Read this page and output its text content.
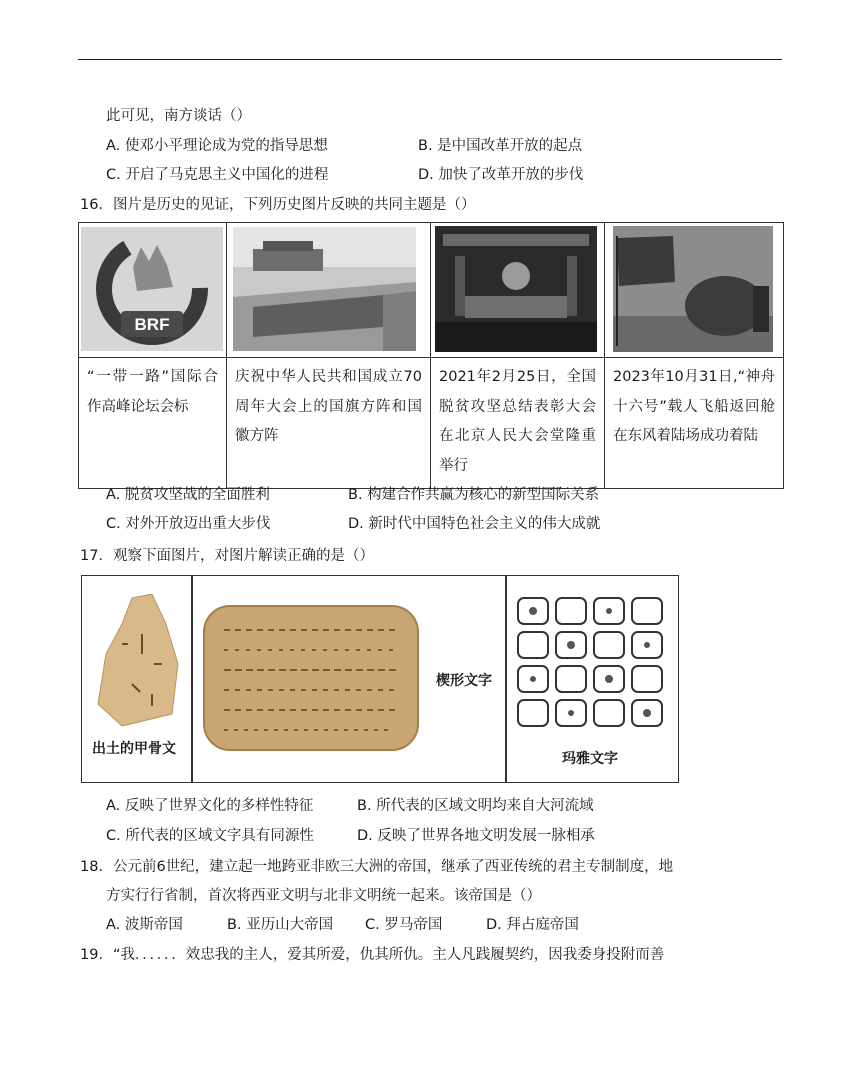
此可见，南方谈话（）
A. 使邓小平理论成为党的指导思想	B. 是中国改革开放的起点
C. 开启了马克思主义中国化的进程	D. 加快了改革开放的步伐
16．图片是历史的见证，下列历史图片反映的共同主题是（）
BRF

“一带一路”国际合作高峰论坛会标	庆祝中华人民共和国成立70周年大会上的国旗方阵和国徽方阵	2021年2月25日，全国脱贫攻坚总结表彰大会在北京人民大会堂隆重举行	2023年10月31日,“神舟十六号”载人飞船返回舱在东风着陆场成功着陆
A. 脱贫攻坚战的全面胜利	B. 构建合作共赢为核心的新型国际关系
C. 对外开放迈出重大步伐	D. 新时代中国特色社会主义的伟大成就
17．观察下面图片，对图片解读正确的是（）
出土的甲骨文
楔形文字
玛雅文字
A. 反映了世界文化的多样性特征	B. 所代表的区域文明均来自大河流域
C. 所代表的区域文字具有同源性	D. 反映了世界各地文明发展一脉相承
18．公元前6世纪，建立起一地跨亚非欧三大洲的帝国，继承了西亚传统的君主专制制度，地
方实行行省制，首次将西亚文明与北非文明统一起来。该帝国是（）
A. 波斯帝国	B. 亚历山大帝国 C. 罗马帝国	D. 拜占庭帝国
19．“我．．．．．．效忠我的主人，爱其所爱，仇其所仇。主人凡践履契约，因我委身投附而善
